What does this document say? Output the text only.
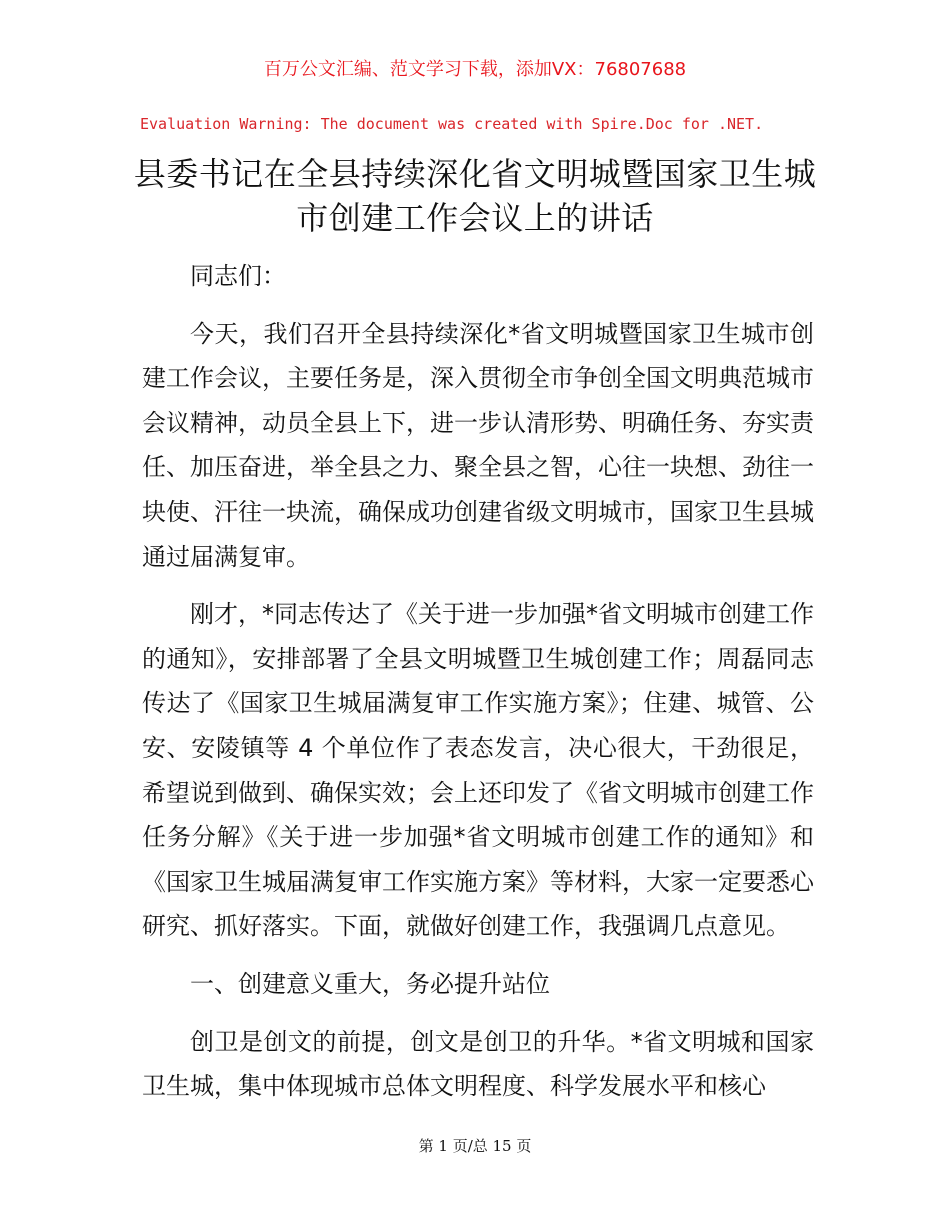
百万公文汇编、范文学习下载，添加VX：76807688
Evaluation Warning: The document was created with Spire.Doc for .NET.
县委书记在全县持续深化省文明城暨国家卫生城市创建工作会议上的讲话

同志们：

今天，我们召开全县持续深化*省文明城暨国家卫生城市创建工作会议，主要任务是，深入贯彻全市争创全国文明典范城市会议精神，动员全县上下，进一步认清形势、明确任务、夯实责任、加压奋进，举全县之力、聚全县之智，心往一块想、劲往一块使、汗往一块流，确保成功创建省级文明城市，国家卫生县城通过届满复审。

刚才，*同志传达了《关于进一步加强*省文明城市创建工作的通知》，安排部署了全县文明城暨卫生城创建工作；周磊同志传达了《国家卫生城届满复审工作实施方案》；住建、城管、公安、安陵镇等 4 个单位作了表态发言，决心很大，干劲很足，希望说到做到、确保实效；会上还印发了《省文明城市创建工作任务分解》《关于进一步加强*省文明城市创建工作的通知》和《国家卫生城届满复审工作实施方案》等材料，大家一定要悉心研究、抓好落实。下面，就做好创建工作，我强调几点意见。

一、创建意义重大，务必提升站位

创卫是创文的前提，创文是创卫的升华。*省文明城和国家卫生城，集中体现城市总体文明程度、科学发展水平和核心

第 1 页/总 15 页
